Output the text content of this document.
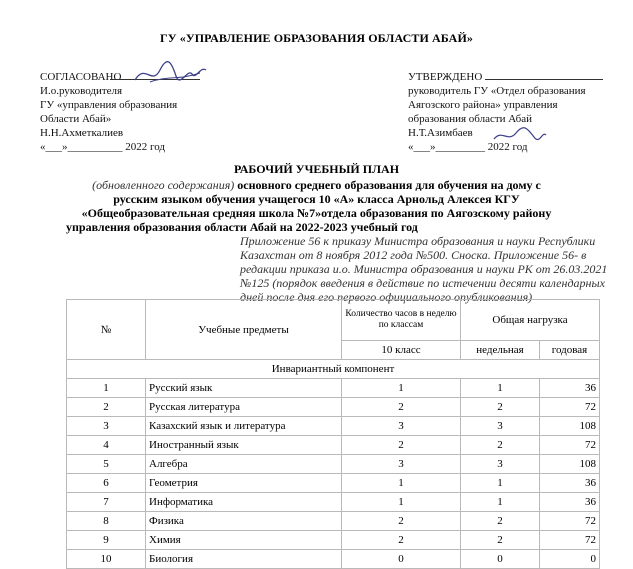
ГУ «УПРАВЛЕНИЕ ОБРАЗОВАНИЯ ОБЛАСТИ АБАЙ»
СОГЛАСОВАНО
И.о.руководителя
ГУ «управления образования
Области Абай»
Н.Н.Ахметкалиев
«___»__________ 2022 год
УТВЕРЖДЕНО
руководитель ГУ «Отдел образования
Аягозского района» управления
образования области Абай
Н.Т.Азимбаев
«___»_________ 2022 год
РАБОЧИЙ УЧЕБНЫЙ ПЛАН
(обновленного содержания) основного среднего образования для обучения на дому с
русским языком обучения учащегося 10 «А» класса Арнольд Алексея КГУ
«Общеобразовательная средняя школа №7»отдела образования по Аягозскому району
управления образования области Абай на 2022-2023 учебный год
Приложение 56 к приказу Министра образования и науки Республики Казахстан от 8 ноября 2012 года №500. Сноска. Приложение 56- в редакции приказа и.о. Министра образования и науки РК от 26.03.2021 №125 (порядок введения в действие по истечении десяти календарных дней после дня его первого официального опубликования)
№	Учебные предметы	Количество часов в неделю по классам	Общая нагрузка	
		10 класс	недельная	годовая
Инвариантный компонент				
1	Русский язык	1	1	36
2	Русская литература	2	2	72
3	Казахский язык и литература	3	3	108
4	Иностранный язык	2	2	72
5	Алгебра	3	3	108
6	Геометрия	1	1	36
7	Информатика	1	1	36
8	Физика	2	2	72
9	Химия	2	2	72
10	Биология	0	0	0
